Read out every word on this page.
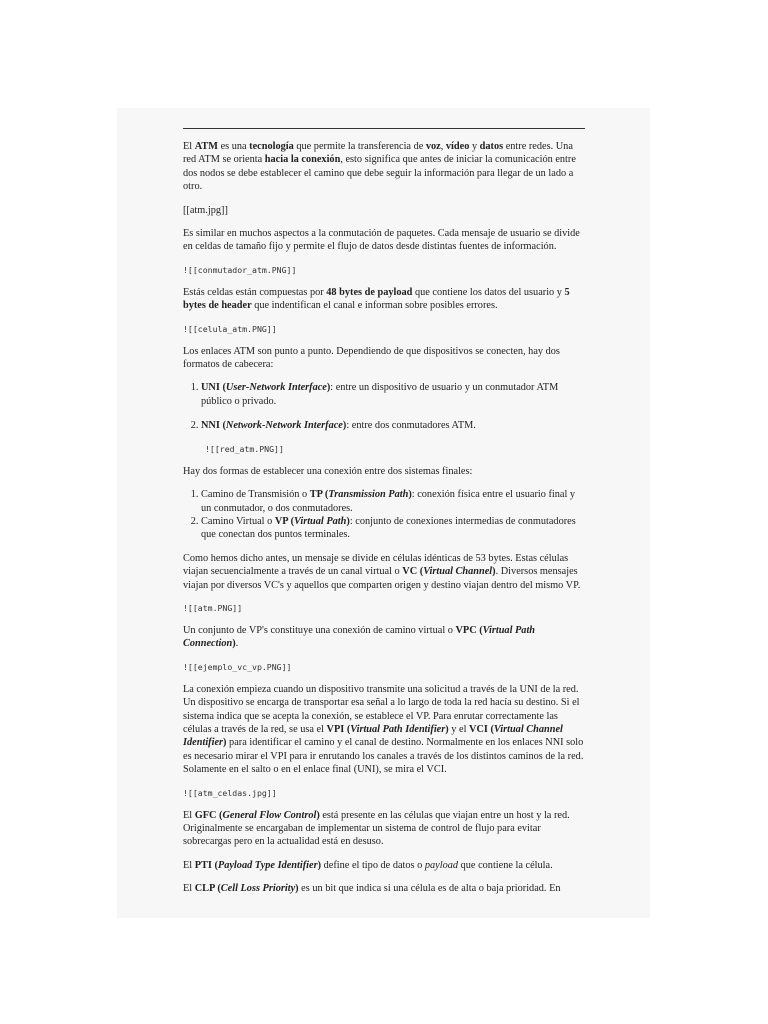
El ATM es una tecnología que permite la transferencia de voz, vídeo y datos entre redes. Una red ATM se orienta hacia la conexión, esto significa que antes de iniciar la comunicación entre dos nodos se debe establecer el camino que debe seguir la información para llegar de un lado a otro.

[[atm.jpg]]

Es similar en muchos aspectos a la conmutación de paquetes. Cada mensaje de usuario se divide en celdas de tamaño fijo y permite el flujo de datos desde distintas fuentes de información.

![[conmutador_atm.PNG]]

Estás celdas están compuestas por 48 bytes de payload que contiene los datos del usuario y 5 bytes de header que indentifican el canal e informan sobre posibles errores.

![[celula_atm.PNG]]

Los enlaces ATM son punto a punto. Dependiendo de que dispositivos se conecten, hay dos formatos de cabecera:

1. UNI (User-Network Interface): entre un dispositivo de usuario y un conmutador ATM público o privado.
2. NNI (Network-Network Interface): entre dos conmutadores ATM.
![[red_atm.PNG]]

Hay dos formas de establecer una conexión entre dos sistemas finales:

1. Camino de Transmisión o TP (Transmission Path): conexión física entre el usuario final y un conmutador, o dos conmutadores.
2. Camino Virtual o VP (Virtual Path): conjunto de conexiones intermedias de conmutadores que conectan dos puntos terminales.

Como hemos dicho antes, un mensaje se divide en células idénticas de 53 bytes. Estas células viajan secuencialmente a través de un canal virtual o VC (Virtual Channel). Diversos mensajes viajan por diversos VC's y aquellos que comparten origen y destino viajan dentro del mismo VP.

![[atm.PNG]]

Un conjunto de VP's constituye una conexión de camino virtual o VPC (Virtual Path Connection).

![[ejemplo_vc_vp.PNG]]

La conexión empieza cuando un dispositivo transmite una solicitud a través de la UNI de la red. Un dispositivo se encarga de transportar esa señal a lo largo de toda la red hacía su destino. Si el sistema indica que se acepta la conexión, se establece el VP. Para enrutar correctamente las células a través de la red, se usa el VPI (Virtual Path Identifier) y el VCI (Virtual Channel Identifier) para identificar el camino y el canal de destino. Normalmente en los enlaces NNI solo es necesario mirar el VPI para ir enrutando los canales a través de los distintos caminos de la red. Solamente en el salto o en el enlace final (UNI), se mira el VCI.

![[atm_celdas.jpg]]

El GFC (General Flow Control) está presente en las células que viajan entre un host y la red. Originalmente se encargaban de implementar un sistema de control de flujo para evitar sobrecargas pero en la actualidad está en desuso.

El PTI (Payload Type Identifier) define el tipo de datos o payload que contiene la célula.

El CLP (Cell Loss Priority) es un bit que indica si una célula es de alta o baja prioridad. En
